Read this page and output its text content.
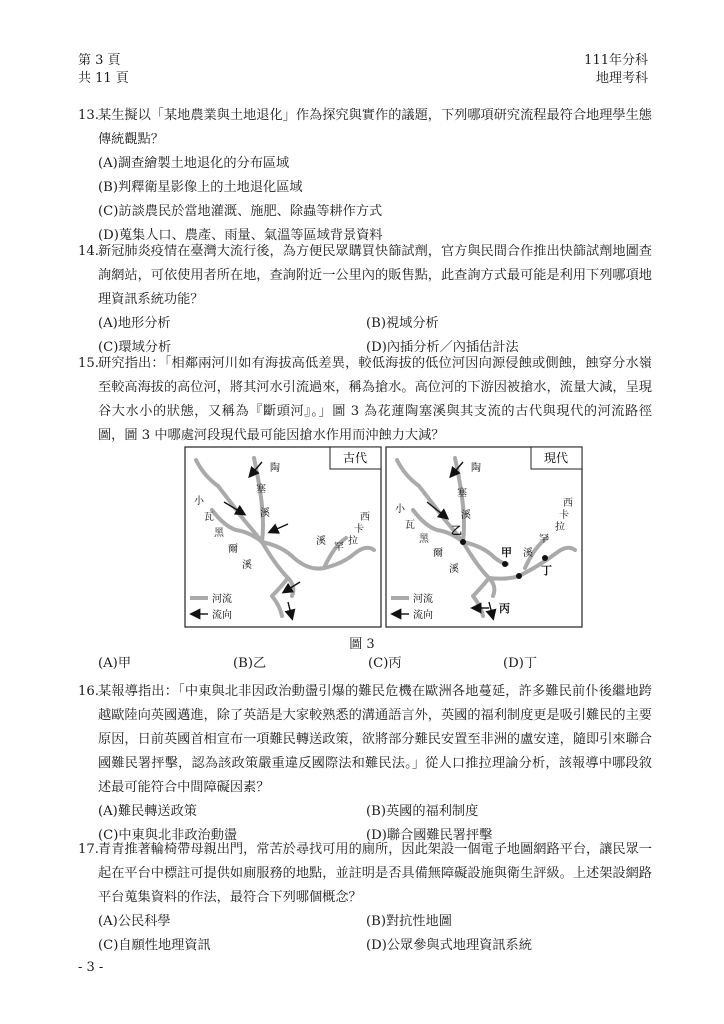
第 3 頁
共 11 頁
111年分科
地理考科
13. 某生擬以「某地農業與土地退化」作為探究與實作的議題，下列哪項研究流程最符合地理學生態傳統觀點？
(A)調查繪製土地退化的分布區域
(B)判釋衛星影像上的土地退化區域
(C)訪談農民於當地灌溉、施肥、除蟲等耕作方式
(D)蒐集人口、農產、雨量、氣溫等區域背景資料
14. 新冠肺炎疫情在臺灣大流行後，為方便民眾購買快篩試劑，官方與民間合作推出快篩試劑地圖查詢網站，可依使用者所在地，查詢附近一公里內的販售點，此查詢方式最可能是利用下列哪項地理資訊系統功能？
(A)地形分析	(B)視域分析
(C)環域分析	(D)內插分析／內插估計法
15. 研究指出：「相鄰兩河川如有海拔高低差異，較低海拔的低位河因向源侵蝕或側蝕，蝕穿分水嶺至較高海拔的高位河，將其河水引流過來，稱為搶水。高位河的下游因被搶水，流量大減，呈現谷大水小的狀態，又稱為『斷頭河』。」圖 3 為花蓮陶塞溪與其支流的古代與現代的河流路徑圖，圖 3 中哪處河段現代最可能因搶水作用而沖蝕力大減？
古代
陶
塞
溪
小
瓦
黑
爾
溪
西
卡
拉
罕
溪
河流
流向
現代
甲
乙
丙
丁
陶
塞
溪
小
瓦
黑
爾
溪
西
卡
拉
罕
溪
河流
流向
圖 3
(A)甲	(B)乙	(C)丙	(D)丁
16. 某報導指出：「中東與北非因政治動盪引爆的難民危機在歐洲各地蔓延，許多難民前仆後繼地跨越歐陸向英國邁進，除了英語是大家較熟悉的溝通語言外，英國的福利制度更是吸引難民的主要原因，日前英國首相宣布一項難民轉送政策，欲將部分難民安置至非洲的盧安達，隨即引來聯合國難民署抨擊，認為該政策嚴重違反國際法和難民法。」從人口推拉理論分析，該報導中哪段敘述最可能符合中間障礙因素？
(A)難民轉送政策	(B)英國的福利制度
(C)中東與北非政治動盪	(D)聯合國難民署抨擊
17. 青青推著輪椅帶母親出門，常苦於尋找可用的廁所，因此架設一個電子地圖網路平台，讓民眾一起在平台中標註可提供如廁服務的地點，並註明是否具備無障礙設施與衛生評級。上述架設網路平台蒐集資料的作法，最符合下列哪個概念？
(A)公民科學	(B)對抗性地圖
(C)自願性地理資訊	(D)公眾參與式地理資訊系統
- 3 -
